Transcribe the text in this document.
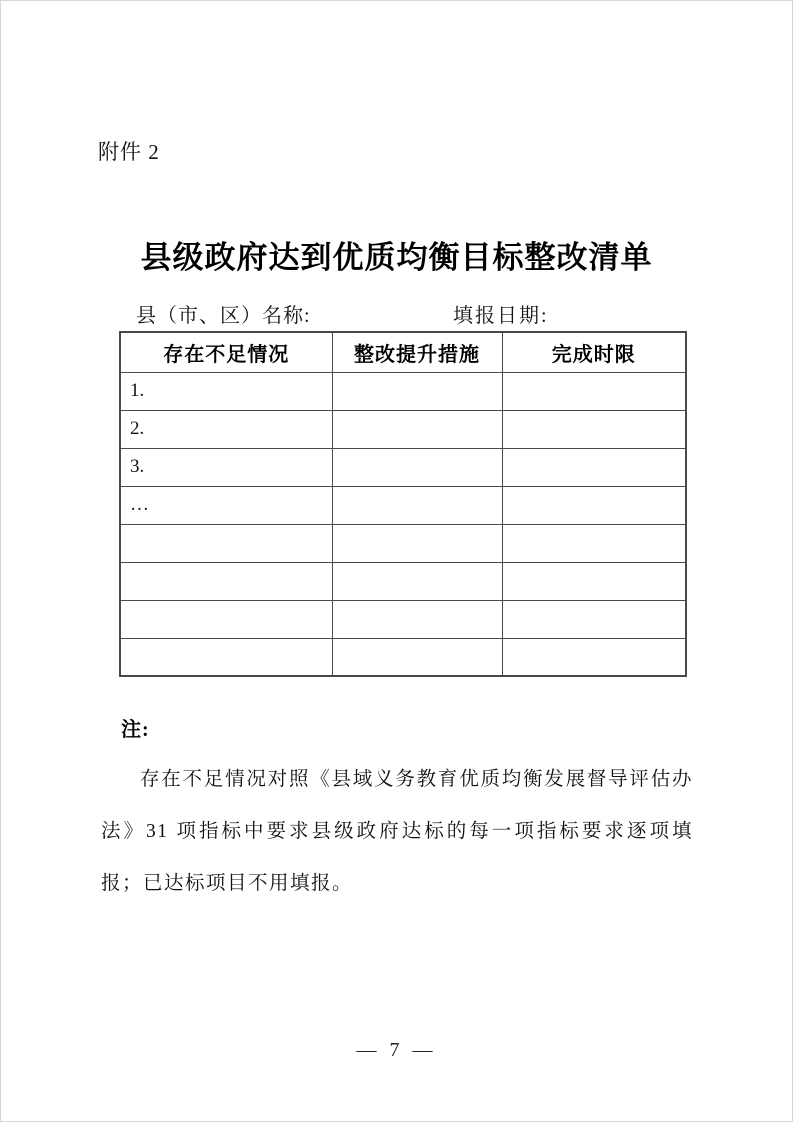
附件 2
县级政府达到优质均衡目标整改清单
县（市、区）名称:	填报日期:
存在不足情况	整改提升措施	完成时限
1.		
2.		
3.		
…		

注:
存在不足情况对照《县域义务教育优质均衡发展督导评估办法》31 项指标中要求县级政府达标的每一项指标要求逐项填报；已达标项目不用填报。
— 7 —
